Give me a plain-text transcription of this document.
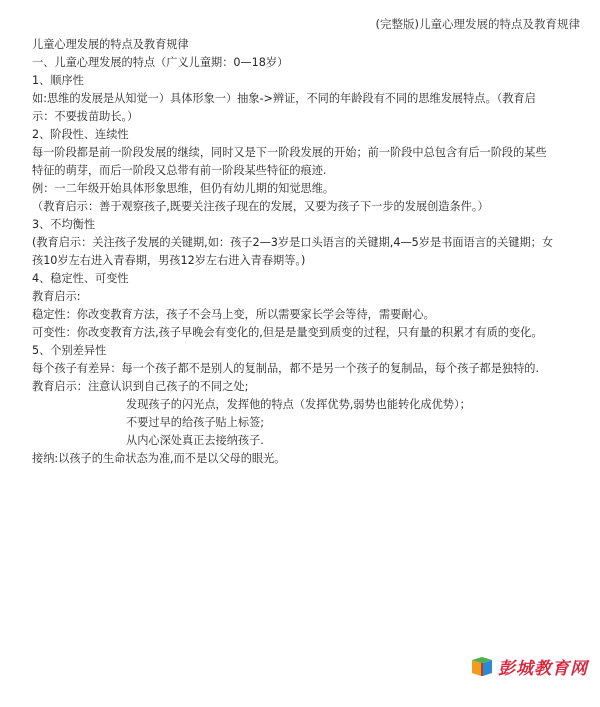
(完整版)儿童心理发展的特点及教育规律

儿童心理发展的特点及教育规律

一、儿童心理发展的特点（广义儿童期：0—18岁）

1、顺序性

如:思维的发展是从知觉一）具体形象一）抽象->辨证，不同的年龄段有不同的思维发展特点。（教育启

示：不要拔苗助长。）

2、阶段性、连续性

每一阶段都是前一阶段发展的继续，同时又是下一阶段发展的开始；前一阶段中总包含有后一阶段的某些

特征的萌芽，而后一阶段又总带有前一阶段某些特征的痕迹.

例：一二年级开始具体形象思维，但仍有幼儿期的知觉思维。

（教育启示：善于观察孩子,既要关注孩子现在的发展，又要为孩子下一步的发展创造条件。）

3、不均衡性

(教育启示：关注孩子发展的关键期,如：孩子2—3岁是口头语言的关键期,4—5岁是书面语言的关键期；女

孩10岁左右进入青春期，男孩12岁左右进入青春期等。)

4、稳定性、可变性

教育启示:

稳定性：你改变教育方法，孩子不会马上变，所以需要家长学会等待，需要耐心。

可变性：你改变教育方法,孩子早晚会有变化的,但是是量变到质变的过程，只有量的积累才有质的变化。

5、个别差异性

每个孩子有差异：每一个孩子都不是别人的复制品，都不是另一个孩子的复制品，每个孩子都是独特的.

教育启示：注意认识到自己孩子的不同之处;

发现孩子的闪光点，发挥他的特点（发挥优势,弱势也能转化成优势）；

不要过早的给孩子贴上标签;

从内心深处真正去接纳孩子.

接纳:以孩子的生命状态为准,而不是以父母的眼光。

彭城教育网
